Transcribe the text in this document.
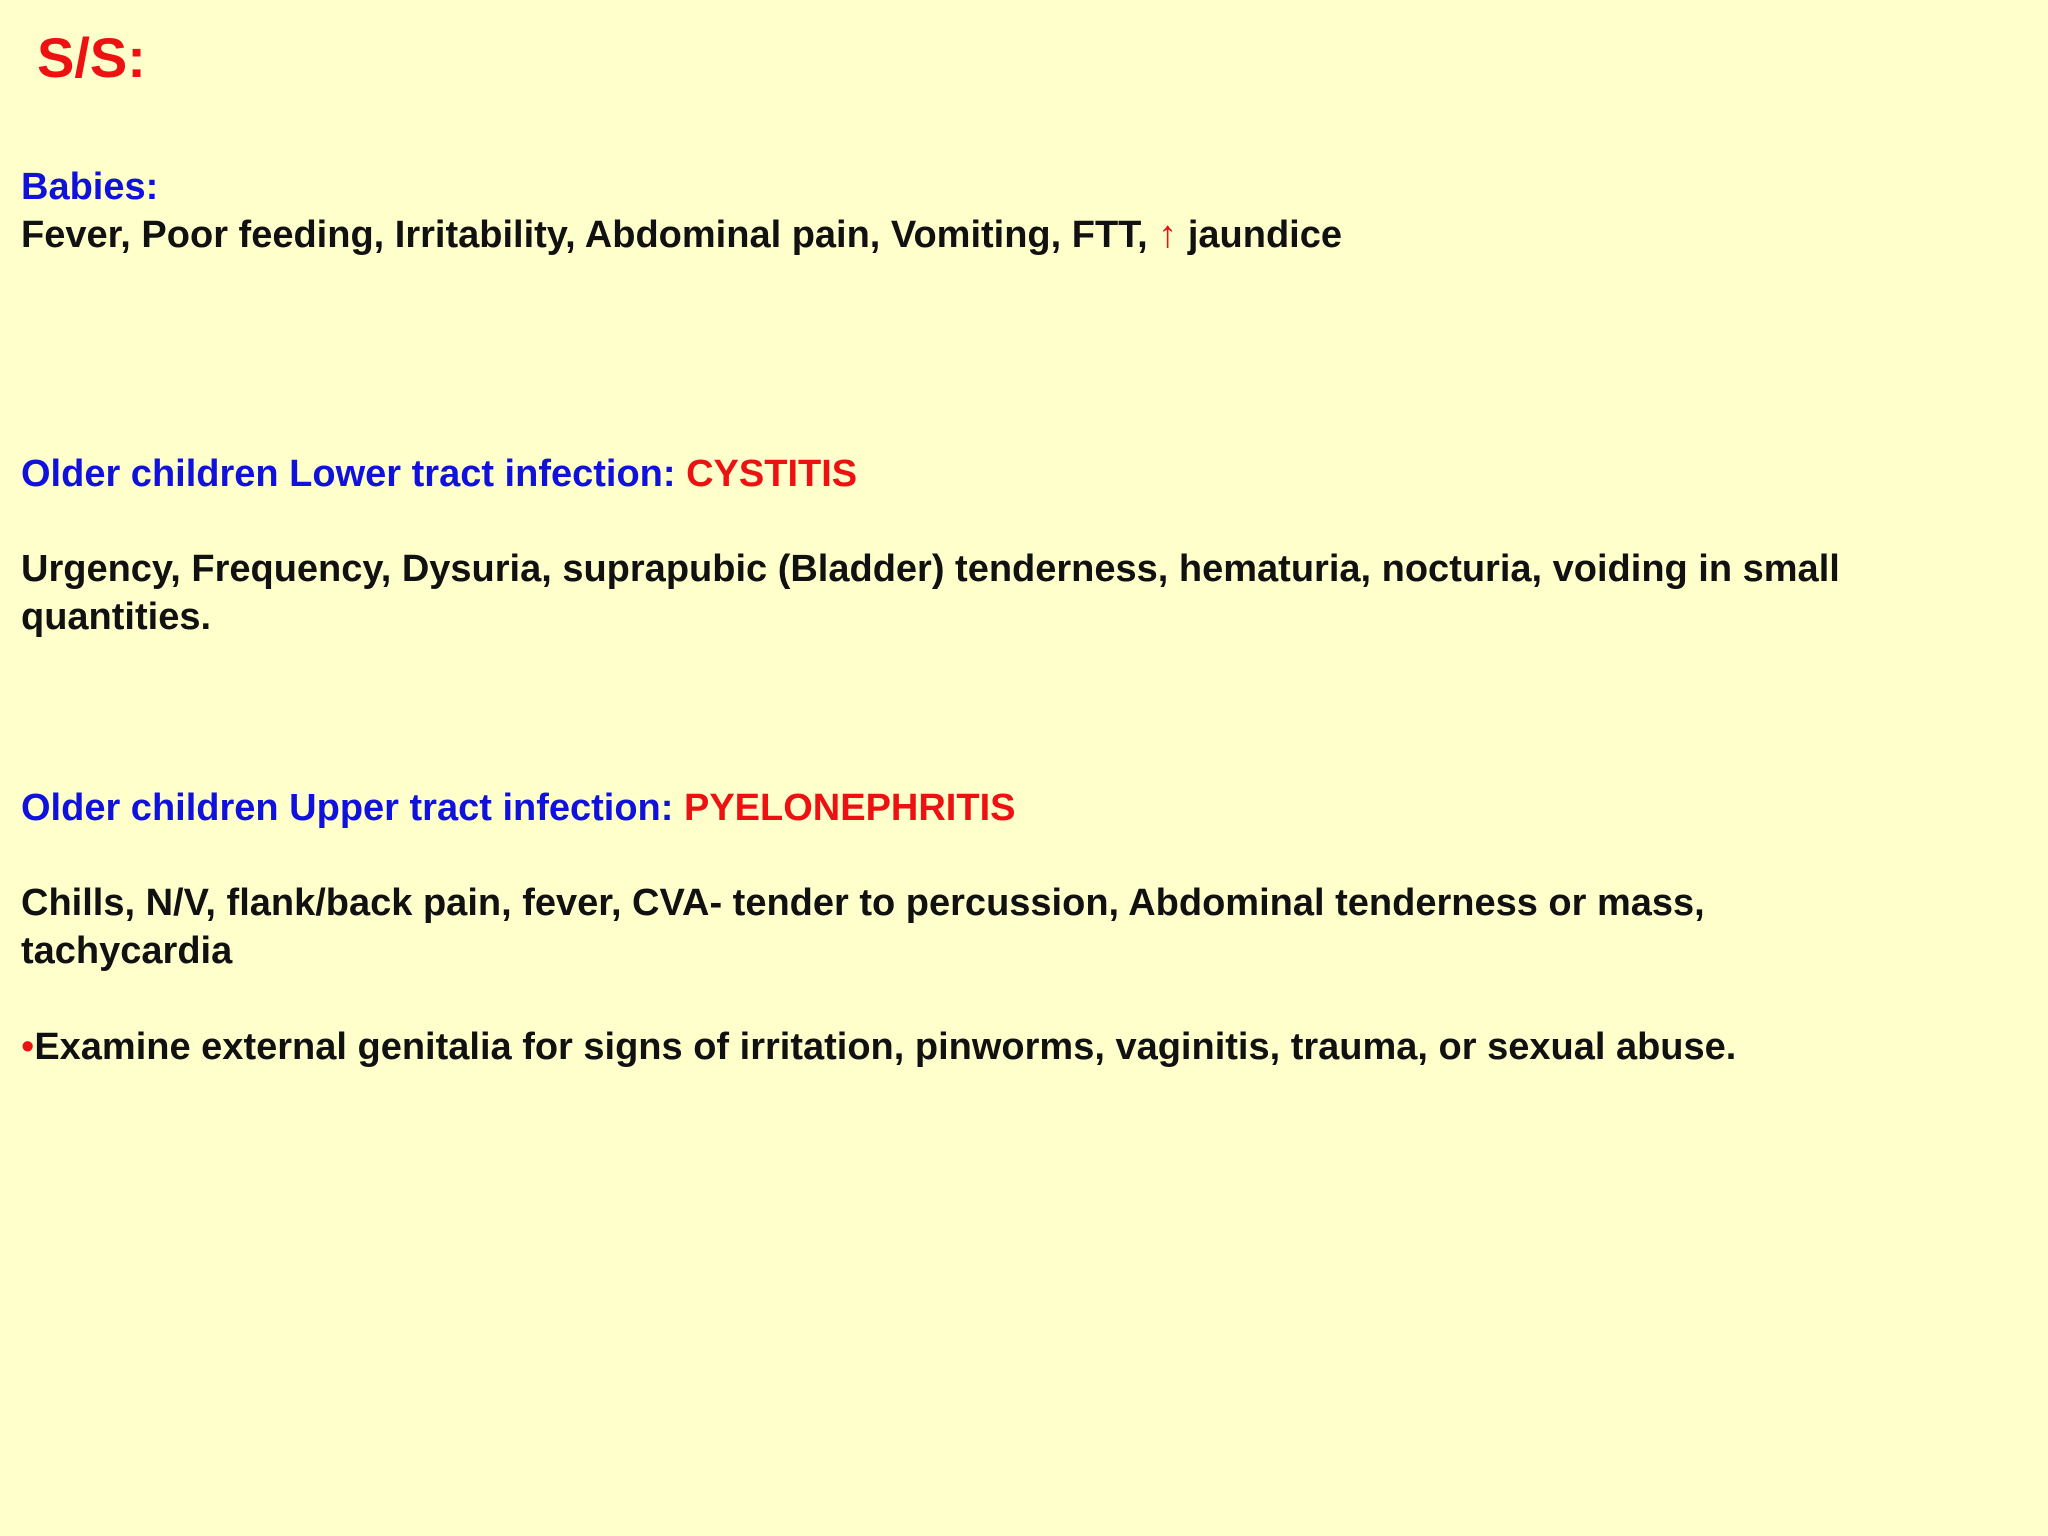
S/S:
Babies:
Fever, Poor feeding, Irritability, Abdominal pain, Vomiting, FTT, ↑ jaundice
Older children Lower tract infection: CYSTITIS
Urgency, Frequency, Dysuria, suprapubic (Bladder) tenderness, hematuria, nocturia, voiding in small
quantities.
Older children Upper tract infection: PYELONEPHRITIS
Chills, N/V, flank/back pain, fever, CVA- tender to percussion, Abdominal tenderness or mass,
tachycardia
•Examine external genitalia for signs of irritation, pinworms, vaginitis, trauma, or sexual abuse.
